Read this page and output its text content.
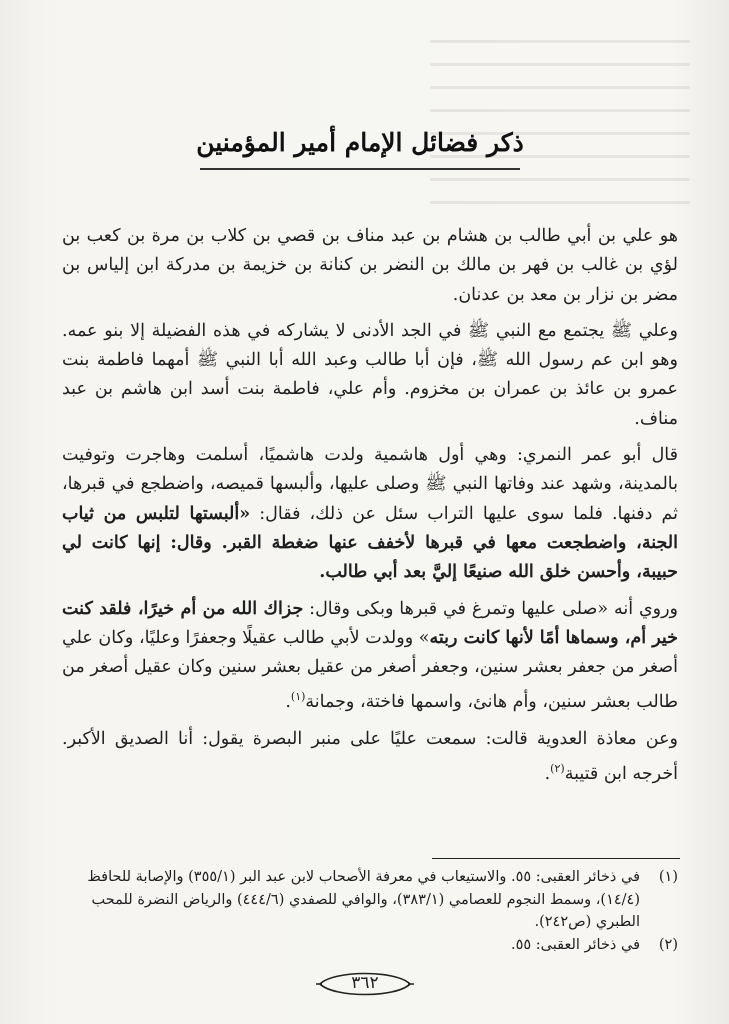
ذكر فضائل الإمام أمير المؤمنين

هو علي بن أبي طالب بن هشام بن عبد مناف بن قصي بن كلاب بن مرة بن كعب بن لؤي بن غالب بن فهر بن مالك بن النضر بن كنانة بن خزيمة بن مدركة ابن إلياس بن مضر بن نزار بن معد بن عدنان.

وعلي ﷺ يجتمع مع النبي ﷺ في الجد الأدنى لا يشاركه في هذه الفضيلة إلا بنو عمه. وهو ابن عم رسول الله ﷺ، فإن أبا طالب وعبد الله أبا النبي ﷺ أمهما فاطمة بنت عمرو بن عائذ بن عمران بن مخزوم. وأم علي، فاطمة بنت أسد ابن هاشم بن عبد مناف.

قال أبو عمر النمري: وهي أول هاشمية ولدت هاشميًا، أسلمت وهاجرت وتوفيت بالمدينة، وشهد عند وفاتها النبي ﷺ وصلى عليها، وألبسها قميصه، واضطجع في قبرها، ثم دفنها. فلما سوى عليها التراب سئل عن ذلك، فقال: «ألبستها لتلبس من ثياب الجنة، واضطجعت معها في قبرها لأخفف عنها ضغطة القبر. وقال: إنها كانت لي حبيبة، وأحسن خلق الله صنيعًا إليَّ بعد أبي طالب.

وروي أنه «صلى عليها وتمرغ في قبرها وبكى وقال: جزاك الله من أم خيرًا، فلقد كنت خير أم، وسماها أمًا لأنها كانت ربته» وولدت لأبي طالب عقيلًا وجعفرًا وعليًا، وكان علي أصغر من جعفر بعشر سنين، وجعفر أصغر من عقيل بعشر سنين وكان عقيل أصغر من طالب بعشر سنين، وأم هانئ، واسمها فاختة، وجمانة$^{(١)}$.

وعن معاذة العدوية قالت: سمعت عليًا على منبر البصرة يقول: أنا الصديق الأكبر. أخرجه ابن قتيبة$^{(٢)}$.

(١)
في ذخائر العقبى: ٥٥. والاستيعاب في معرفة الأصحاب لابن عبد البر (٣٥٥/١) والإصابة للحافظ (١٤/٤)، وسمط النجوم للعصامي (٣٨٣/١)، والوافي للصفدي (٤٤٤/٦) والرياض النضرة للمحب الطبري (ص٢٤٢).
(٢)
في ذخائر العقبى: ٥٥.
٣٦٢
